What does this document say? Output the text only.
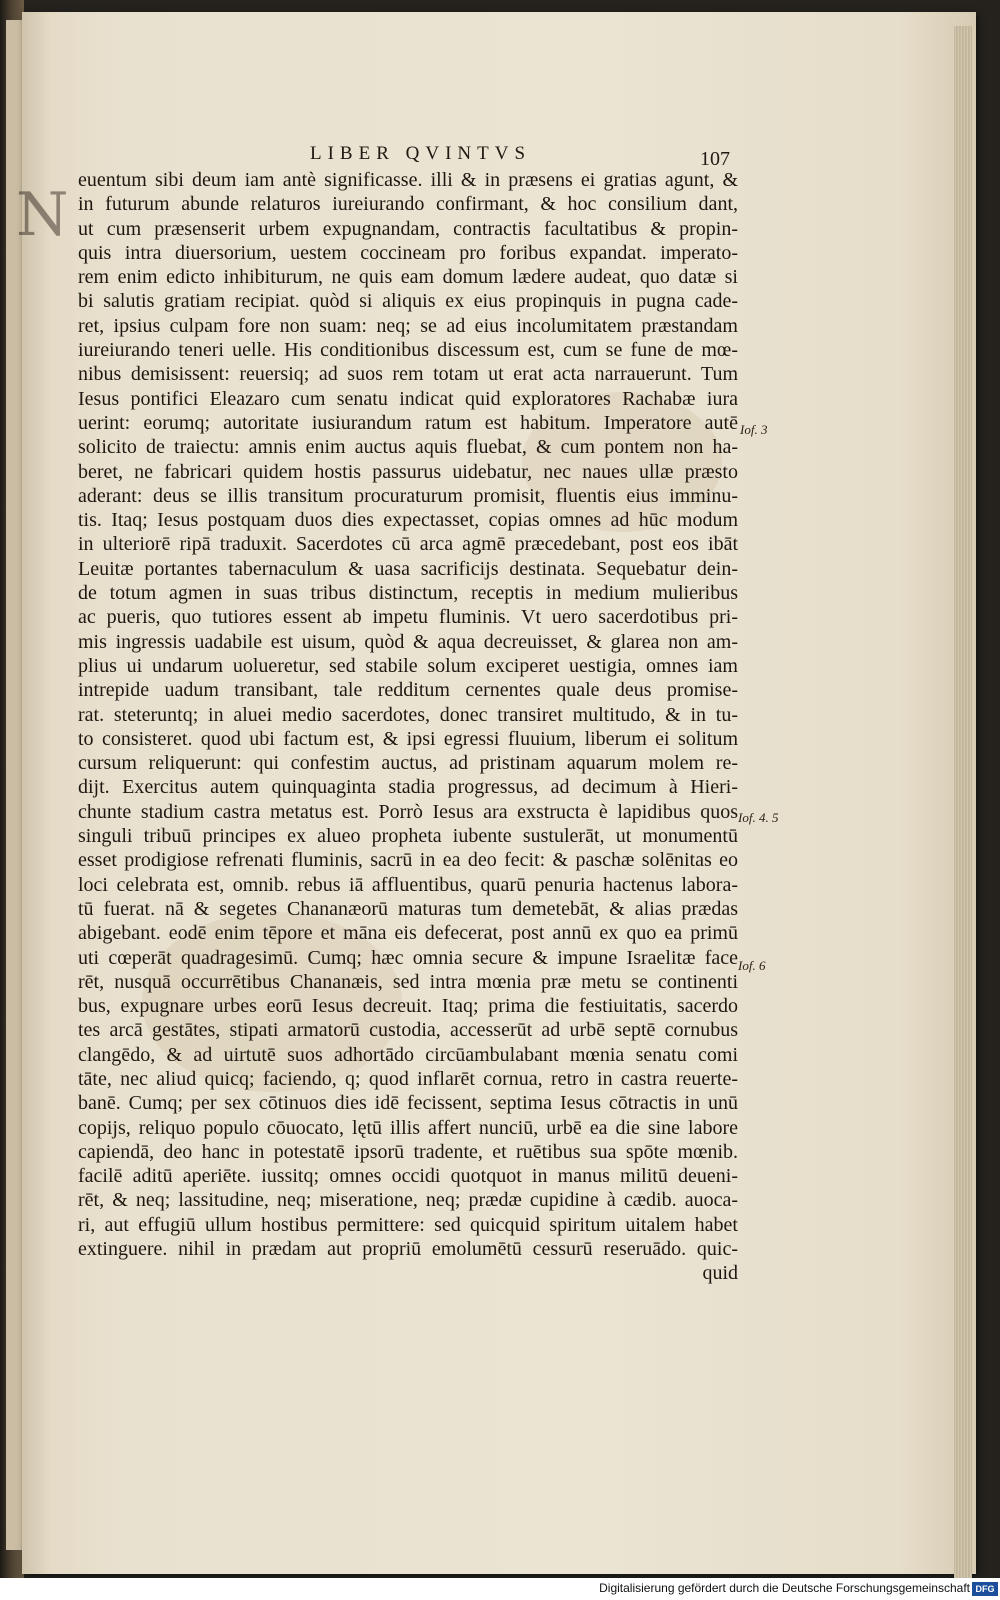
N
LIBER QVINTVS	107
euentum sibi deum iam antè significasse. illi & in præsens ei gratias agunt, &
in futurum abunde relaturos iureiurando confirmant, & hoc consilium dant,
ut cum præsenserit urbem expugnandam, contractis facultatibus & propin-
quis intra diuersorium, uestem coccineam pro foribus expandat. imperato-
rem enim edicto inhibiturum, ne quis eam domum lædere audeat, quo datæ si
bi salutis gratiam recipiat. quòd si aliquis ex eius propinquis in pugna cade-
ret, ipsius culpam fore non suam: neq; se ad eius incolumitatem præstandam
iureiurando teneri uelle. His conditionibus discessum est, cum se fune de mœ-
nibus demisissent: reuersiq; ad suos rem totam ut erat acta narrauerunt. Tum
Iesus pontifici Eleazaro cum senatu indicat quid exploratores Rachabæ iura
uerint: eorumq; autoritate iusiurandum ratum est habitum. Imperatore autē
solicito de traiectu: amnis enim auctus aquis fluebat, & cum pontem non ha-
beret, ne fabricari quidem hostis passurus uidebatur, nec naues ullæ præsto
aderant: deus se illis transitum procuraturum promisit, fluentis eius imminu-
tis. Itaq; Iesus postquam duos dies expectasset, copias omnes ad hūc modum
in ulteriorē ripā traduxit. Sacerdotes cū arca agmē præcedebant, post eos ibāt
Leuitæ portantes tabernaculum & uasa sacrificijs destinata. Sequebatur dein-
de totum agmen in suas tribus distinctum, receptis in medium mulieribus
ac pueris, quo tutiores essent ab impetu fluminis. Vt uero sacerdotibus pri-
mis ingressis uadabile est uisum, quòd & aqua decreuisset, & glarea non am-
plius ui undarum uolueretur, sed stabile solum exciperet uestigia, omnes iam
intrepide uadum transibant, tale redditum cernentes quale deus promise-
rat. steteruntq; in aluei medio sacerdotes, donec transiret multitudo, & in tu-
to consisteret. quod ubi factum est, & ipsi egressi fluuium, liberum ei solitum
cursum reliquerunt: qui confestim auctus, ad pristinam aquarum molem re-
dijt. Exercitus autem quinquaginta stadia progressus, ad decimum à Hieri-
chunte stadium castra metatus est. Porrò Iesus ara exstructa è lapidibus quos
singuli tribuū principes ex alueo propheta iubente sustulerāt, ut monumentū
esset prodigiose refrenati fluminis, sacrū in ea deo fecit: & paschæ solēnitas eo
loci celebrata est, omnib. rebus iā affluentibus, quarū penuria hactenus labora-
tū fuerat. nā & segetes Chananæorū maturas tum demetebāt, & alias prædas
abigebant. eodē enim tēpore et māna eis defecerat, post annū ex quo ea primū
uti cœperāt quadragesimū. Cumq; hæc omnia secure & impune Israelitæ face
rēt, nusquā occurrētibus Chananæis, sed intra mœnia præ metu se continenti
bus, expugnare urbes eorū Iesus decreuit. Itaq; prima die festiuitatis, sacerdo
tes arcā gestātes, stipati armatorū custodia, accesserūt ad urbē septē cornubus
clangēdo, & ad uirtutē suos adhortādo circūambulabant mœnia senatu comi
tāte, nec aliud quicq; faciendo, q; quod inflarēt cornua, retro in castra reuerte-
banē. Cumq; per sex cōtinuos dies idē fecissent, septima Iesus cōtractis in unū
copijs, reliquo populo cōuocato, lętū illis affert nunciū, urbē ea die sine labore
capiendā, deo hanc in potestatē ipsorū tradente, et ruētibus sua spōte mœnib.
facilē aditū aperiēte. iussitq; omnes occidi quotquot in manus militū deueni-
rēt, & neq; lassitudine, neq; miseratione, neq; prædæ cupidine à cædib. auoca-
ri, aut effugiū ullum hostibus permittere: sed quicquid spiritum uitalem habet
extinguere. nihil in prædam aut propriū emolumētū cessurū reseruādo. quic-
quid
Iof. 3
Iof. 4. 5
Iof. 6
Digitalisierung gefördert durch die Deutsche Forschungsgemeinschaft DFG
